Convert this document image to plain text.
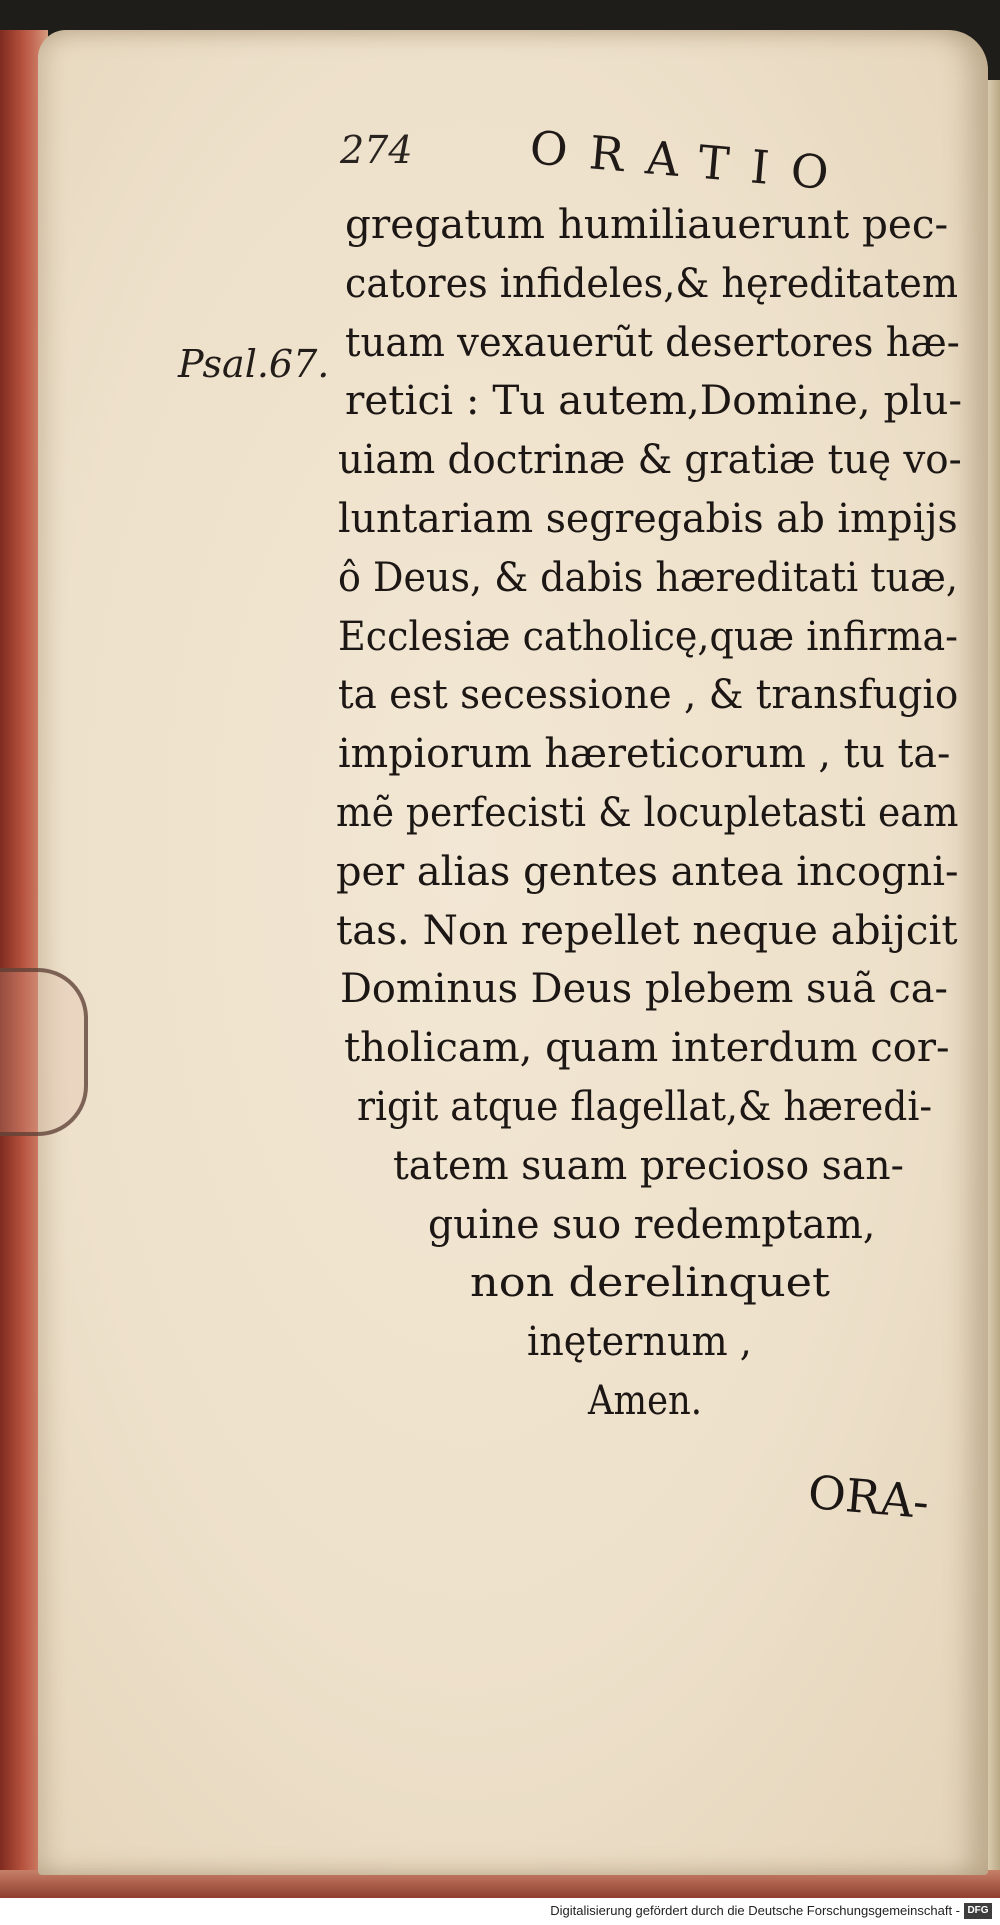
274	ORATIO
Psal.67.
gregatum humiliauerunt pec-
catores infideles,& hęreditatem
tuam vexauerũt desertores hæ-
retici : Tu autem,Domine, plu-
uiam doctrinæ & gratiæ tuę vo-
luntariam segregabis ab impijs
ô Deus, & dabis hæreditati tuæ,
Ecclesiæ catholicę,quæ infirma-
ta est secessione , & transfugio
impiorum hæreticorum , tu ta-
mẽ perfecisti & locupletasti eam
per alias gentes antea incogni-
tas. Non repellet neque abijcit
Dominus Deus plebem suã ca-
tholicam, quam interdum cor-
rigit atque flagellat,& hæredi-
tatem suam precioso san-
guine suo redemptam,
non derelinquet
inęternum ,
Amen.
ORA-
Digitalisierung gefördert durch die Deutsche Forschungsgemeinschaft - DFG
